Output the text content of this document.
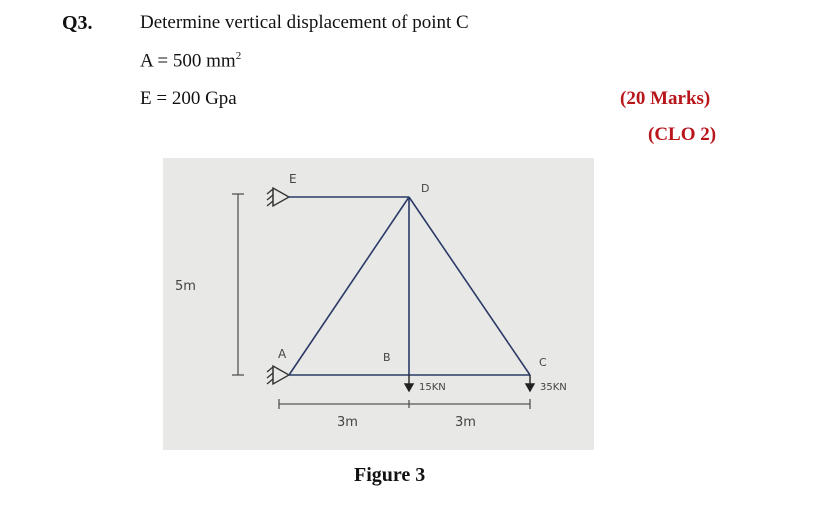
Q3. Determine vertical displacement of point C
A = 500 $mm^2$
E = 200 Gpa	(20 Marks)
(CLO 2)
5m
E
A
D
B	C
15KN	35KN
3m	3m
Figure 3
